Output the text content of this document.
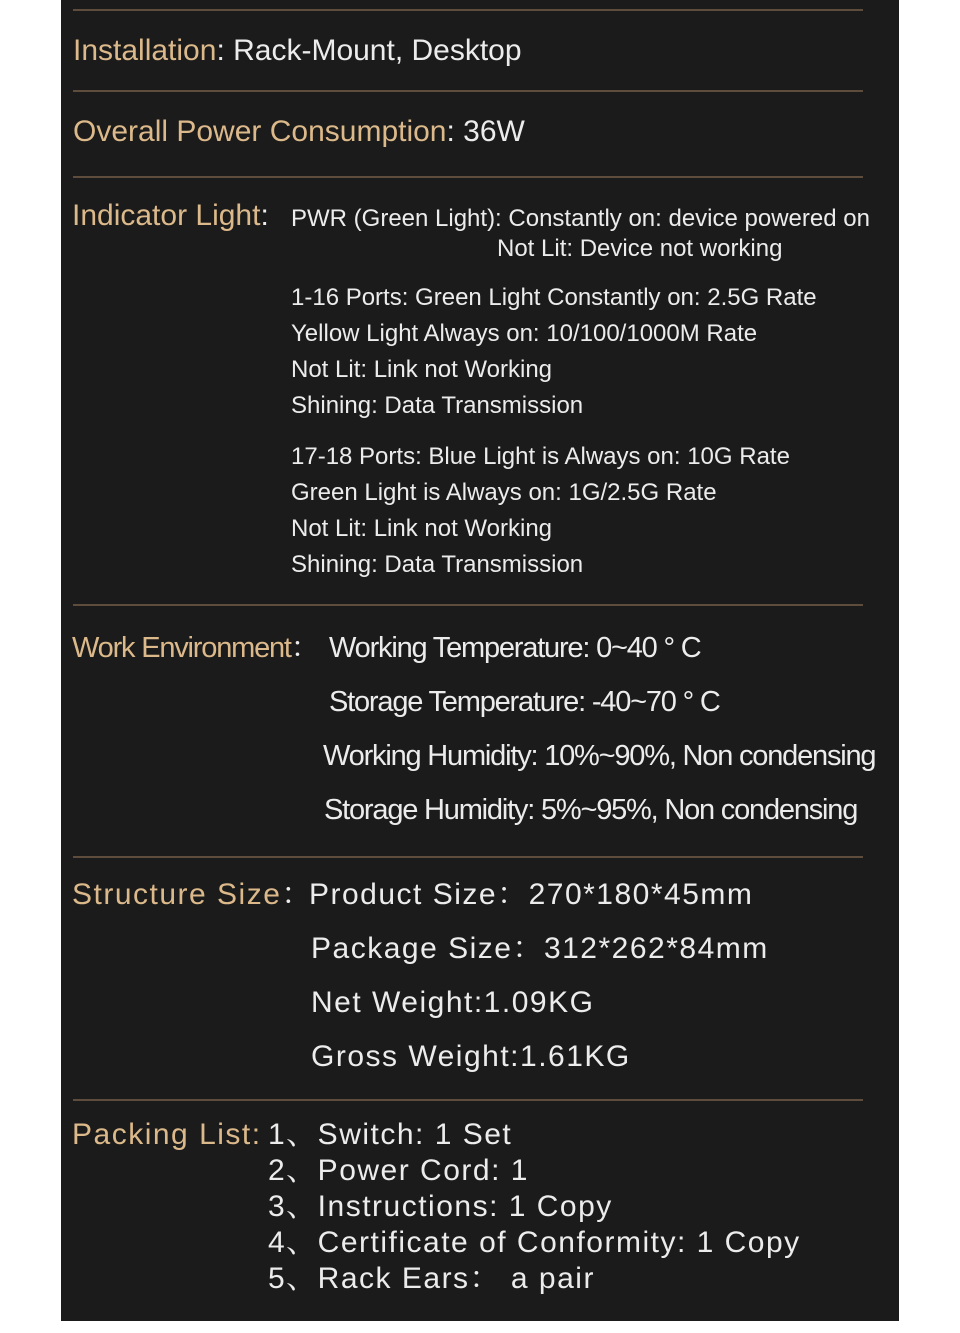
Installation: Rack-Mount, Desktop
Overall Power Consumption: 36W
Indicator Light: PWR (Green Light): Constantly on: device powered on
Not Lit: Device not working
1-16 Ports: Green Light Constantly on: 2.5G Rate
Yellow Light Always on: 10/100/1000M Rate
Not Lit: Link not Working
Shining: Data Transmission
17-18 Ports: Blue Light is Always on: 10G Rate
Green Light is Always on: 1G/2.5G Rate
Not Lit: Link not Working
Shining: Data Transmission
Work Environment： Working Temperature: 0~40 ° C
Storage Temperature: -40~70 ° C
Working Humidity: 10%~90%, Non condensing
Storage Humidity: 5%~95%, Non condensing
Structure Size：
Product Size：270*180*45mm
Package Size：312*262*84mm
Net Weight:1.09KG
Gross Weight:1.61KG
Packing List: 1、Switch: 1 Set
2、Power Cord: 1
3、Instructions: 1 Copy
4、Certificate of Conformity: 1 Copy
5、Rack Ears： a pair
